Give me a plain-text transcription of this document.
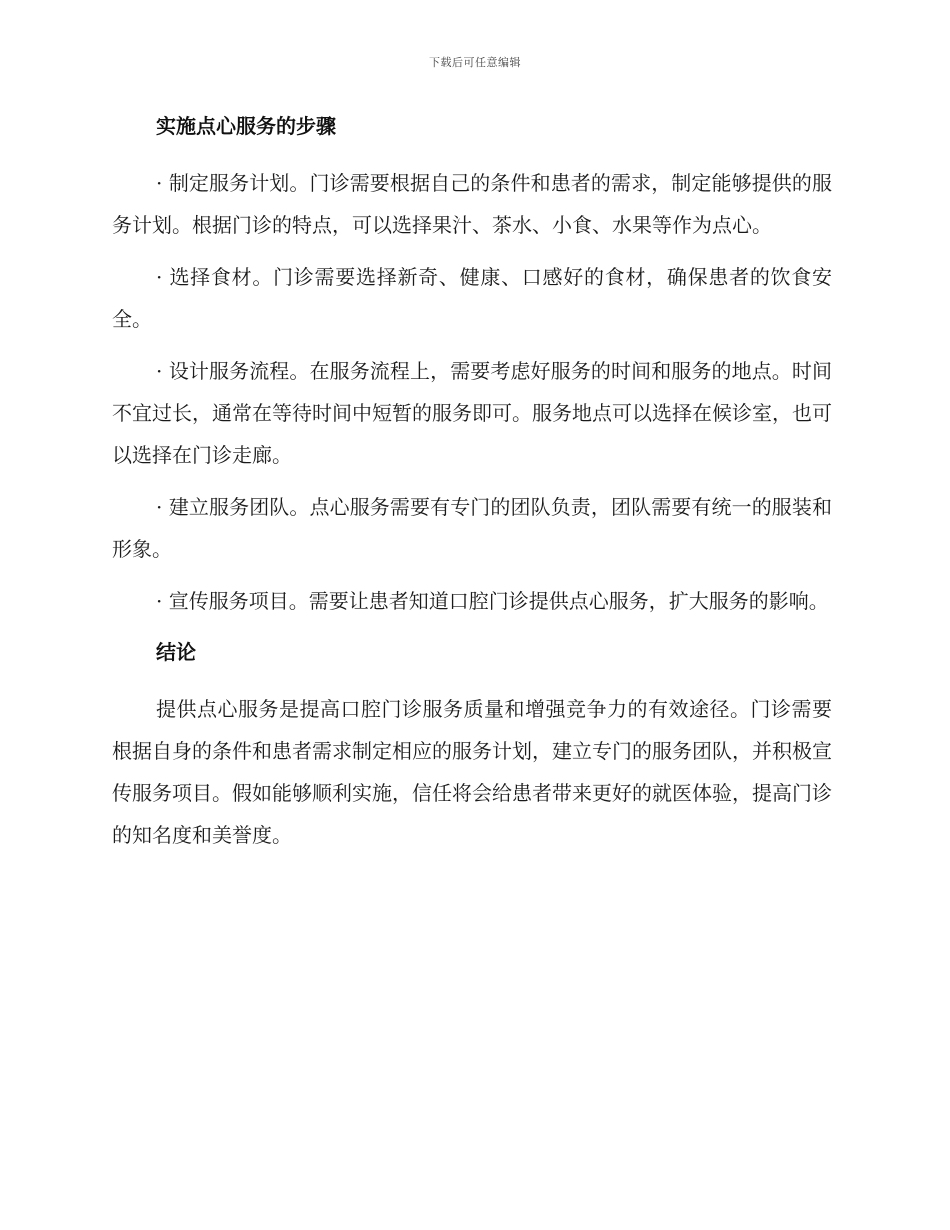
下载后可任意编辑
实施点心服务的步骤

· 制定服务计划。门诊需要根据自己的条件和患者的需求，制定能够提供的服务计划。根据门诊的特点，可以选择果汁、茶水、小食、水果等作为点心。

· 选择食材。门诊需要选择新奇、健康、口感好的食材，确保患者的饮食安全。

· 设计服务流程。在服务流程上，需要考虑好服务的时间和服务的地点。时间不宜过长，通常在等待时间中短暂的服务即可。服务地点可以选择在候诊室，也可以选择在门诊走廊。

· 建立服务团队。点心服务需要有专门的团队负责，团队需要有统一的服装和形象。

· 宣传服务项目。需要让患者知道口腔门诊提供点心服务，扩大服务的影响。

结论

提供点心服务是提高口腔门诊服务质量和增强竞争力的有效途径。门诊需要根据自身的条件和患者需求制定相应的服务计划，建立专门的服务团队，并积极宣传服务项目。假如能够顺利实施，信任将会给患者带来更好的就医体验，提高门诊的知名度和美誉度。
